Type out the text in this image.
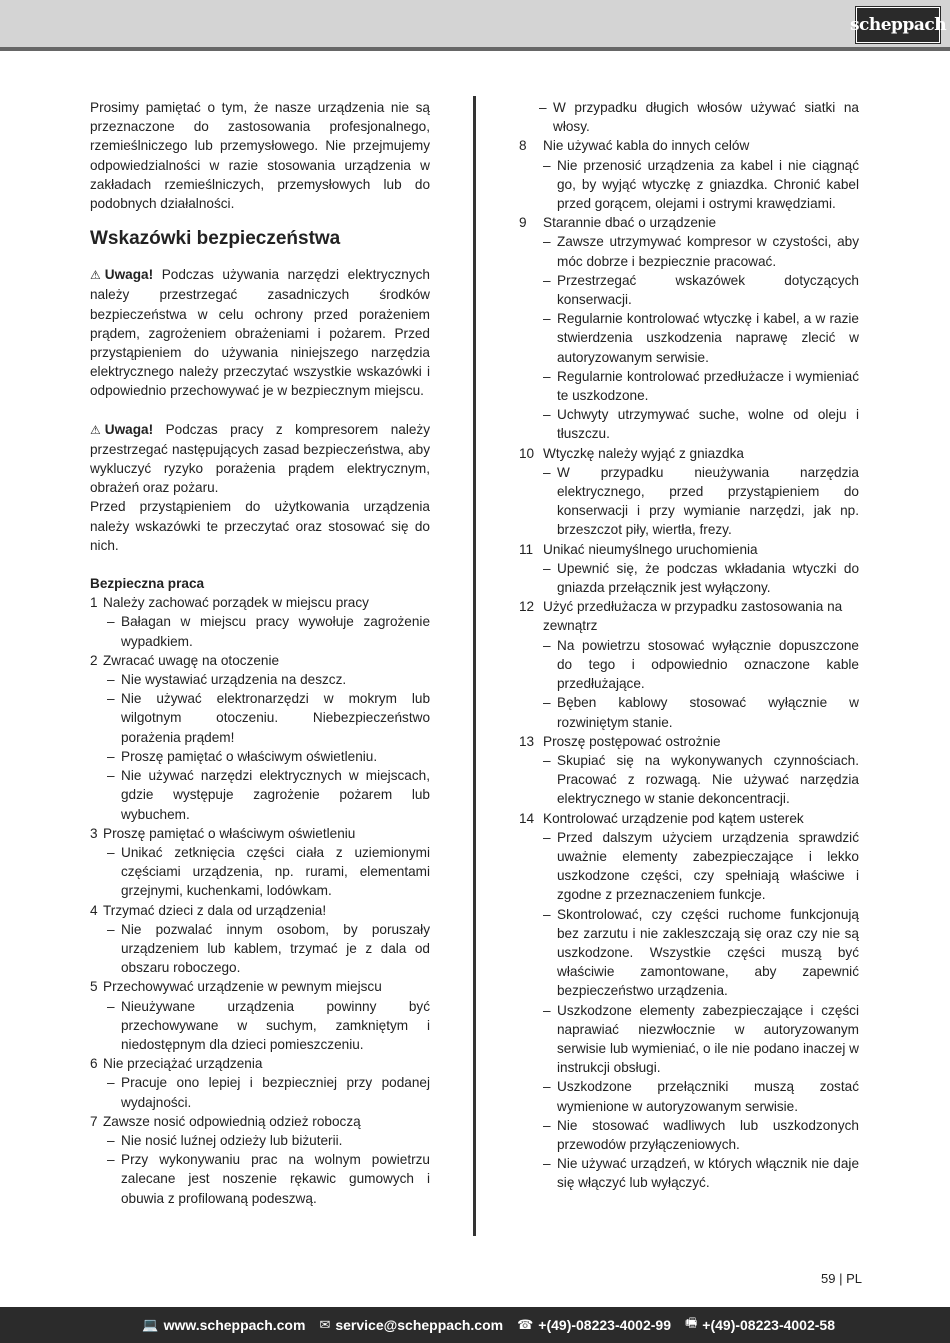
scheppach

Prosimy pamiętać o tym, że nasze urządzenia nie są przeznaczone do zastosowania profesjonalnego, rzemieślniczego lub przemysłowego. Nie przejmujemy odpowiedzialności w razie stosowania urządzenia w zakładach rzemieślniczych, przemysłowych lub do podobnych działalności.

Wskazówki bezpieczeństwa

⚠ Uwaga! Podczas używania narzędzi elektrycznych należy przestrzegać zasadniczych środków bezpieczeństwa w celu ochrony przed porażeniem prądem, zagrożeniem obrażeniami i pożarem. Przed przystąpieniem do używania niniejszego narzędzia elektrycznego należy przeczytać wszystkie wskazówki i odpowiednio przechowywać je w bezpiecznym miejscu.

⚠ Uwaga! Podczas pracy z kompresorem należy przestrzegać następujących zasad bezpieczeństwa, aby wykluczyć ryzyko porażenia prądem elektrycznym, obrażeń oraz pożaru.

Przed przystąpieniem do użytkowania urządzenia należy wskazówki te przeczytać oraz stosować się do nich.

Bezpieczna praca
1 Należy zachować porządek w miejscu pracy
– Bałagan w miejscu pracy wywołuje zagrożenie wypadkiem.
2 Zwracać uwagę na otoczenie
– Nie wystawiać urządzenia na deszcz.
– Nie używać elektronarzędzi w mokrym lub wilgotnym otoczeniu. Niebezpieczeństwo porażenia prądem!
– Proszę pamiętać o właściwym oświetleniu.
– Nie używać narzędzi elektrycznych w miejscach, gdzie występuje zagrożenie pożarem lub wybuchem.
3 Proszę pamiętać o właściwym oświetleniu
– Unikać zetknięcia części ciała z uziemionymi częściami urządzenia, np. rurami, elementami grzejnymi, kuchenkami, lodówkam.
4 Trzymać dzieci z dala od urządzenia!
– Nie pozwalać innym osobom, by poruszały urządzeniem lub kablem, trzymać je z dala od obszaru roboczego.
5 Przechowywać urządzenie w pewnym miejscu
– Nieużywane urządzenia powinny być przechowywane w suchym, zamkniętym i niedostępnym dla dzieci pomieszczeniu.
6 Nie przeciążać urządzenia
– Pracuje ono lepiej i bezpieczniej przy podanej wydajności.
7 Zawsze nosić odpowiednią odzież roboczą
– Nie nosić luźnej odzieży lub biżuterii.
– Przy wykonywaniu prac na wolnym powietrzu zalecane jest noszenie rękawic gumowych i obuwia z profilowaną podeszwą.
– W przypadku długich włosów używać siatki na włosy.
8	Nie używać kabla do innych celów
– Nie przenosić urządzenia za kabel i nie ciągnąć go, by wyjąć wtyczkę z gniazdka. Chronić kabel przed gorącem, olejami i ostrymi krawędziami.
9	Starannie dbać o urządzenie
– Zawsze utrzymywać kompresor w czystości, aby móc dobrze i bezpiecznie pracować.
– Przestrzegać wskazówek dotyczących konserwacji.
– Regularnie kontrolować wtyczkę i kabel, a w razie stwierdzenia uszkodzenia naprawę zlecić w autoryzowanym serwisie.
– Regularnie kontrolować przedłużacze i wymieniać te uszkodzone.
– Uchwyty utrzymywać suche, wolne od oleju i tłuszczu.
10 Wtyczkę należy wyjąć z gniazdka
– W przypadku nieużywania narzędzia elektrycznego, przed przystąpieniem do konserwacji i przy wymianie narzędzi, jak np. brzeszczot piły, wiertła, frezy.
11 Unikać nieumyślnego uruchomienia
– Upewnić się, że podczas wkładania wtyczki do gniazda przełącznik jest wyłączony.
12 Użyć przedłużacza w przypadku zastosowania na zewnątrz
– Na powietrzu stosować wyłącznie dopuszczone do tego i odpowiednio oznaczone kable przedłużające.
– Bęben kablowy stosować wyłącznie w rozwiniętym stanie.
13 Proszę postępować ostrożnie
– Skupiać się na wykonywanych czynnościach. Pracować z rozwagą. Nie używać narzędzia elektrycznego w stanie dekoncentracji.
14 Kontrolować urządzenie pod kątem usterek
– Przed dalszym użyciem urządzenia sprawdzić uważnie elementy zabezpieczające i lekko uszkodzone części, czy spełniają właściwe i zgodne z przeznaczeniem funkcje.
– Skontrolować, czy części ruchome funkcjonują bez zarzutu i nie zakleszczają się oraz czy nie są uszkodzone. Wszystkie części muszą być właściwie zamontowane, aby zapewnić bezpieczeństwo urządzenia.
– Uszkodzone elementy zabezpieczające i części naprawiać niezwłocznie w autoryzowanym serwisie lub wymieniać, o ile nie podano inaczej w instrukcji obsługi.
– Uszkodzone przełączniki muszą zostać wymienione w autoryzowanym serwisie.
– Nie stosować wadliwych lub uszkodzonych przewodów przyłączeniowych.
– Nie używać urządzeń, w których włącznik nie daje się włączyć lub wyłączyć.
59 | PL
💻 www.scheppach.com ✉ service@scheppach.com ☎ +(49)-08223-4002-99 🖷 +(49)-08223-4002-58
